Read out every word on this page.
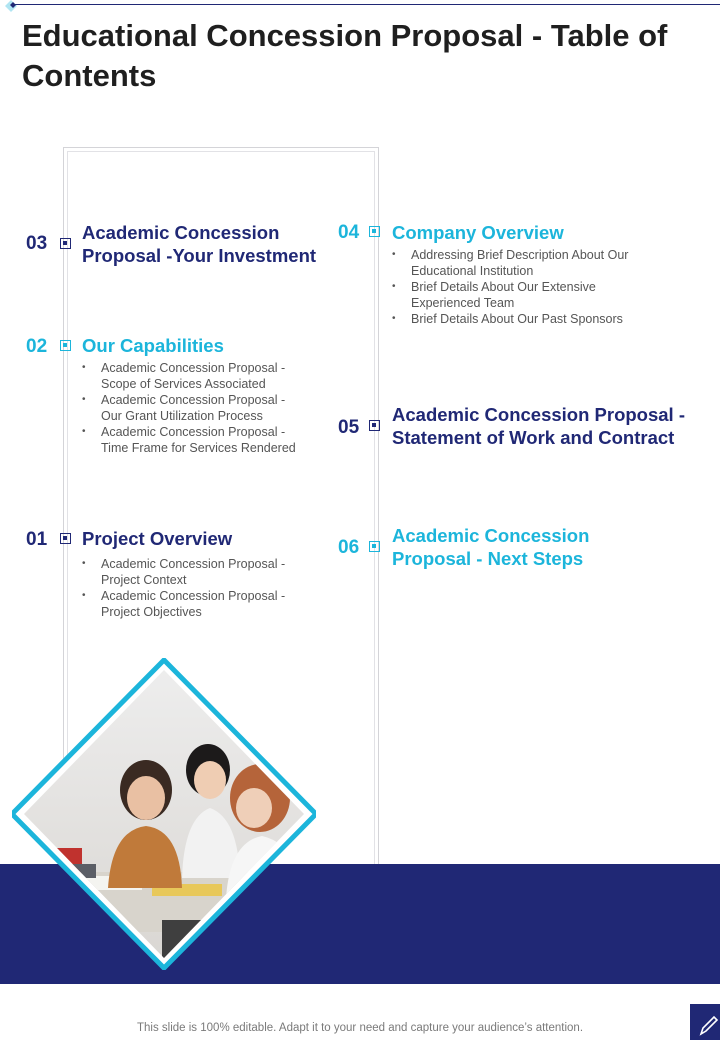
Educational Concession Proposal - Table of Contents
03
Academic Concession
Proposal -Your Investment
02 Our Capabilities
• Academic Concession Proposal -
Scope of Services Associated
• Academic Concession Proposal -
Our Grant Utilization Process
• Academic Concession Proposal -
Time Frame for Services Rendered
01 Project Overview
• Academic Concession Proposal -
Project Context
• Academic Concession Proposal -
Project Objectives
04 Company Overview
• Addressing Brief Description About Our
Educational Institution
• Brief Details About Our Extensive
Experienced Team
• Brief Details About Our Past Sponsors
05
Academic Concession Proposal -
Statement of Work and Contract
06
Academic Concession
Proposal - Next Steps
This slide is 100% editable. Adapt it to your need and capture your audience’s attention.
